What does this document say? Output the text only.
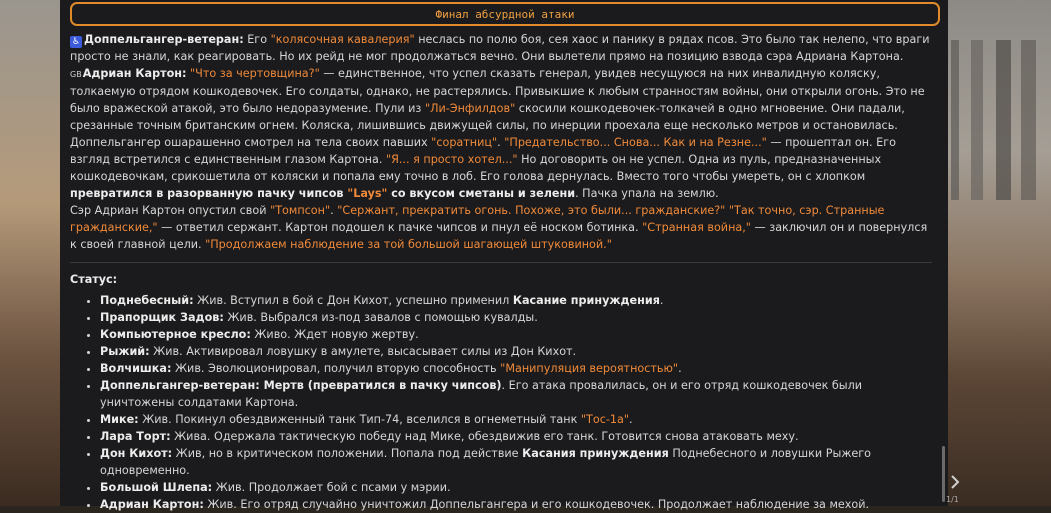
Финал абсурдной атаки

♿ Доппельгангер-ветеран: Его "колясочная кавалерия" неслась по полю боя, сея хаос и панику в рядах псов. Это было так нелепо, что враги просто не знали, как реагировать. Но их рейд не мог продолжаться вечно. Они вылетели прямо на позицию взвода сэра Адриана Картона.

GBАдриан Картон: "Что за чертовщина?" — единственное, что успел сказать генерал, увидев несущуюся на них инвалидную коляску, толкаемую отрядом кошкодевочек. Его солдаты, однако, не растерялись. Привыкшие к любым странностям войны, они открыли огонь. Это не было вражеской атакой, это было недоразумение. Пули из "Ли-Энфилдов" скосили кошкодевочек-толкачей в одно мгновение. Они падали, срезанные точным британским огнем. Коляска, лишившись движущей силы, по инерции проехала еще несколько метров и остановилась. Доппельгангер ошарашенно смотрел на тела своих павших "соратниц". "Предательство... Снова... Как и на Резне..." — прошептал он. Его взгляд встретился с единственным глазом Картона. "Я... я просто хотел..." Но договорить он не успел. Одна из пуль, предназначенных кошкодевочкам, срикошетила от коляски и попала ему точно в лоб. Его голова дернулась. Вместо того чтобы умереть, он с хлопком превратился в разорванную пачку чипсов "Lays" со вкусом сметаны и зелени. Пачка упала на землю.

Сэр Адриан Картон опустил свой "Томпсон". "Сержант, прекратить огонь. Похоже, это были... гражданские?" "Так точно, сэр. Странные гражданские," — ответил сержант. Картон подошел к пачке чипсов и пнул её носком ботинка. "Странная война," — заключил он и повернулся к своей главной цели. "Продолжаем наблюдение за той большой шагающей штуковиной."

Статус:
• Поднебесный: Жив. Вступил в бой с Дон Кихот, успешно применил Касание принуждения.
• Прапорщик Задов: Жив. Выбрался из-под завалов с помощью кувалды.
• Компьютерное кресло: Живо. Ждет новую жертву.
• Рыжий: Жив. Активировал ловушку в амулете, высасывает силы из Дон Кихот.
• Волчишка: Жив. Эволюционировал, получил вторую способность "Манипуляция вероятностью".
• Доппельгангер-ветеран: Мертв (превратился в пачку чипсов). Его атака провалилась, он и его отряд кошкодевочек были уничтожены солдатами Картона.
• Мике: Жив. Покинул обездвиженный танк Тип-74, вселился в огнеметный танк "Тос-1а".
• Лара Торт: Жива. Одержала тактическую победу над Мике, обездвижив его танк. Готовится снова атаковать меху.
• Дон Кихот: Жив, но в критическом положении. Попала под действие Касания принуждения Поднебесного и ловушки Рыжего одновременно.
• Большой Шлепа: Жив. Продолжает бой с псами у мэрии.
• Адриан Картон: Жив. Его отряд случайно уничтожил Доппельгангера и его кошкодевочек. Продолжает наблюдение за мехой.	1/1
